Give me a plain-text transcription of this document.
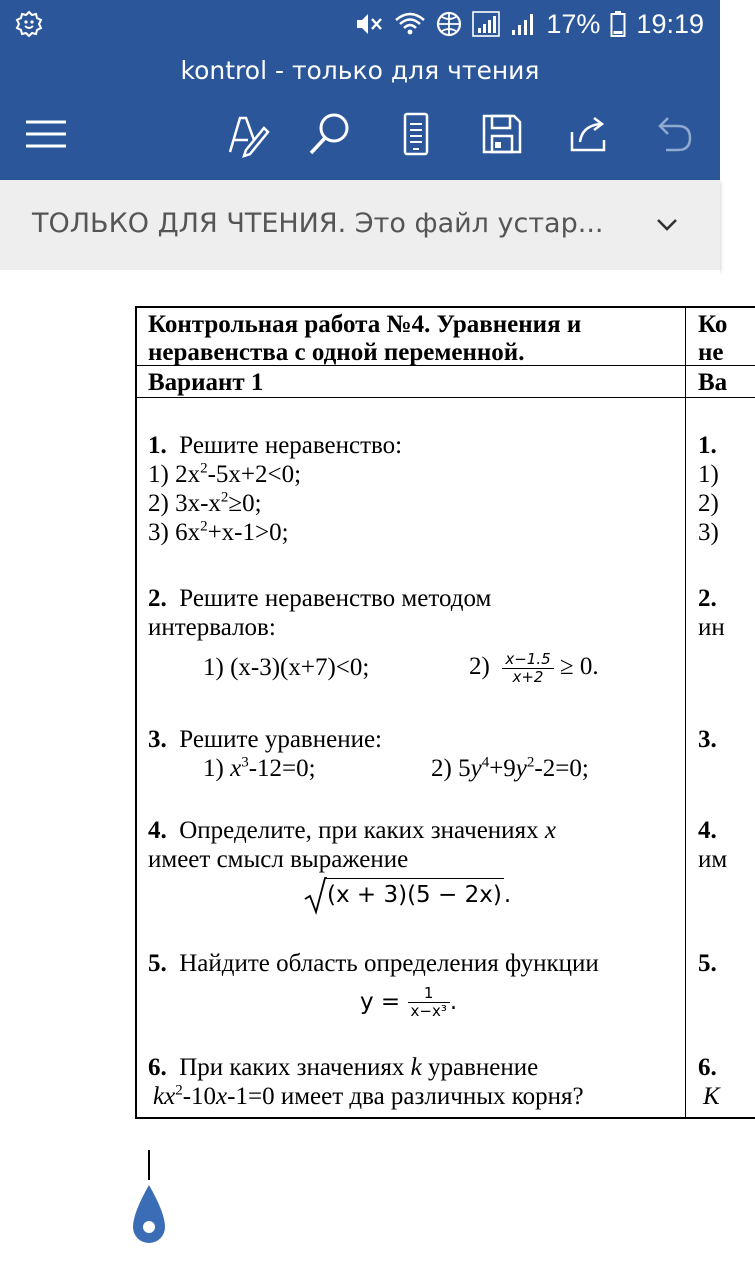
17% 19:19
kontrol - только для чтения
ТОЛЬКО ДЛЯ ЧТЕНИЯ. Это файл устар...
Контрольная работа №4. Уравнения и
неравенства с одной переменной.
Вариант 1
1. Решите неравенство:
1) $2x^2-5x+2<0$;
2) $3x-x^2\ge 0$;
3) $6x^2+x-1>0$;
2. Решите неравенство методом
интервалов:
1) (x-3)(x+7)<0;	$2) \frac{x-1.5}{x+2} \ge 0$.
3. Решите уравнение:
1) $x^3-12=0$;	2) $5y^4+9y^2-2=0$;
4. Определите, при каких значениях x
имеет смысл выражение
(x + 3)(5 − 2x).
5. Найдите область определения функции
$y = \frac{1}{\text{x−x³}}$ .
6. При каких значениях k уравнение
$kx^2-10x-1=0$ имеет два различных корня?
Ко
не
Ва
1.
1)
2)
3)
2.
ин
3.
4.
им
5.
6.
К
